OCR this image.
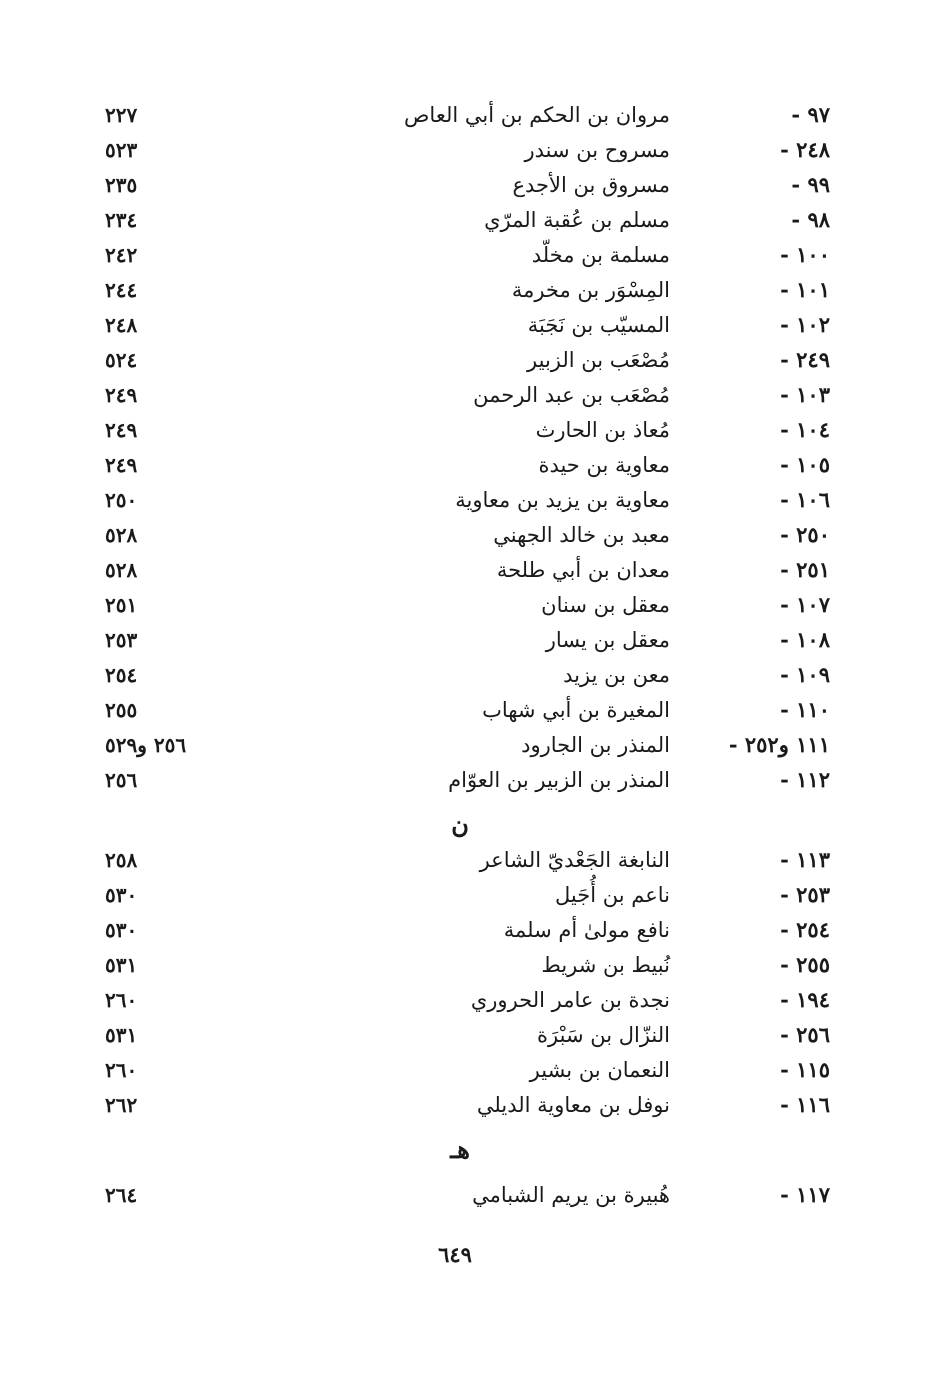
٩٧ -
مروان بن الحكم بن أبي العاص
٢٢٧
٢٤٨ -
مسروح بن سندر
٥٢٣
٩٩ -
مسروق بن الأجدع
٢٣٥
٩٨ -
مسلم بن عُقبة المرّي
٢٣٤
١٠٠ -
مسلمة بن مخلّد
٢٤٢
١٠١ -
المِسْوَر بن مخرمة
٢٤٤
١٠٢ -
المسيّب بن نَجَبَة
٢٤٨
٢٤٩ -
مُصْعَب بن الزبير
٥٢٤
١٠٣ -
مُصْعَب بن عبد الرحمن
٢٤٩
١٠٤ -
مُعاذ بن الحارث
٢٤٩
١٠٥ -
معاوية بن حيدة
٢٤٩
١٠٦ -
معاوية بن يزيد بن معاوية
٢٥٠
٢٥٠ -
معبد بن خالد الجهني
٥٢٨
٢٥١ -
معدان بن أبي طلحة
٥٢٨
١٠٧ -
معقل بن سنان
٢٥١
١٠٨ -
معقل بن يسار
٢٥٣
١٠٩ -
معن بن يزيد
٢٥٤
١١٠ -
المغيرة بن أبي شهاب
٢٥٥
١١١ و٢٥٢ -
المنذر بن الجارود
٢٥٦ و٥٢٩
١١٢ -
المنذر بن الزبير بن العوّام
٢٥٦
ن
١١٣ -
النابغة الجَعْديّ الشاعر
٢٥٨
٢٥٣ -
ناعم بن أُجَيل
٥٣٠
٢٥٤ -
نافع مولىٰ أم سلمة
٥٣٠
٢٥٥ -
نُبيط بن شريط
٥٣١
١٩٤ -
نجدة بن عامر الحروري
٢٦٠
٢٥٦ -
النزّال بن سَبْرَة
٥٣١
١١٥ -
النعمان بن بشير
٢٦٠
١١٦ -
نوفل بن معاوية الديلي
٢٦٢
هـ
١١٧ -
هُبيرة بن يريم الشبامي
٢٦٤
٦٤٩
